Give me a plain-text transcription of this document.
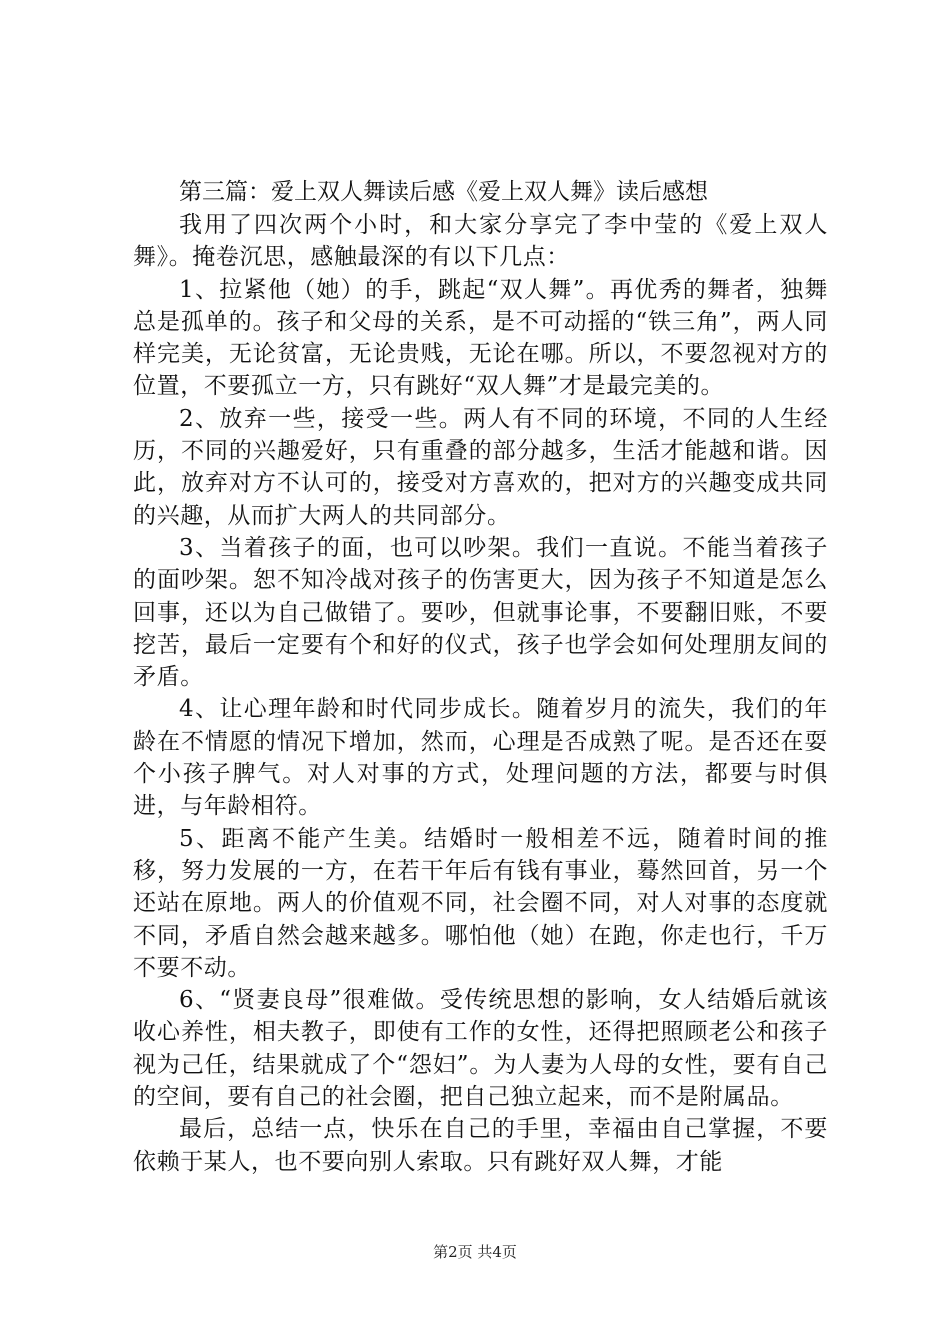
第三篇：爱上双人舞读后感《爱上双人舞》读后感想

我用了四次两个小时，和大家分享完了李中莹的《爱上双人舞》。掩卷沉思，感触最深的有以下几点：

1、拉紧他（她）的手，跳起“双人舞”。再优秀的舞者，独舞总是孤单的。孩子和父母的关系，是不可动摇的“铁三角”，两人同样完美，无论贫富，无论贵贱，无论在哪。所以，不要忽视对方的位置，不要孤立一方，只有跳好“双人舞”才是最完美的。

2、放弃一些，接受一些。两人有不同的环境，不同的人生经历，不同的兴趣爱好，只有重叠的部分越多，生活才能越和谐。因此，放弃对方不认可的，接受对方喜欢的，把对方的兴趣变成共同的兴趣，从而扩大两人的共同部分。

3、当着孩子的面，也可以吵架。我们一直说。不能当着孩子的面吵架。恕不知冷战对孩子的伤害更大，因为孩子不知道是怎么回事，还以为自己做错了。要吵，但就事论事，不要翻旧账，不要挖苦，最后一定要有个和好的仪式，孩子也学会如何处理朋友间的矛盾。

4、让心理年龄和时代同步成长。随着岁月的流失，我们的年龄在不情愿的情况下增加，然而，心理是否成熟了呢。是否还在耍个小孩子脾气。对人对事的方式，处理问题的方法，都要与时俱进，与年龄相符。

5、距离不能产生美。结婚时一般相差不远，随着时间的推移，努力发展的一方，在若干年后有钱有事业，蓦然回首，另一个还站在原地。两人的价值观不同，社会圈不同，对人对事的态度就不同，矛盾自然会越来越多。哪怕他（她）在跑，你走也行，千万不要不动。

6、“贤妻良母”很难做。受传统思想的影响，女人结婚后就该收心养性，相夫教子，即使有工作的女性，还得把照顾老公和孩子视为己任，结果就成了个“怨妇”。为人妻为人母的女性，要有自己的空间，要有自己的社会圈，把自己独立起来，而不是附属品。

最后，总结一点，快乐在自己的手里，幸福由自己掌握，不要依赖于某人，也不要向别人索取。只有跳好双人舞，才能

第2页 共4页
